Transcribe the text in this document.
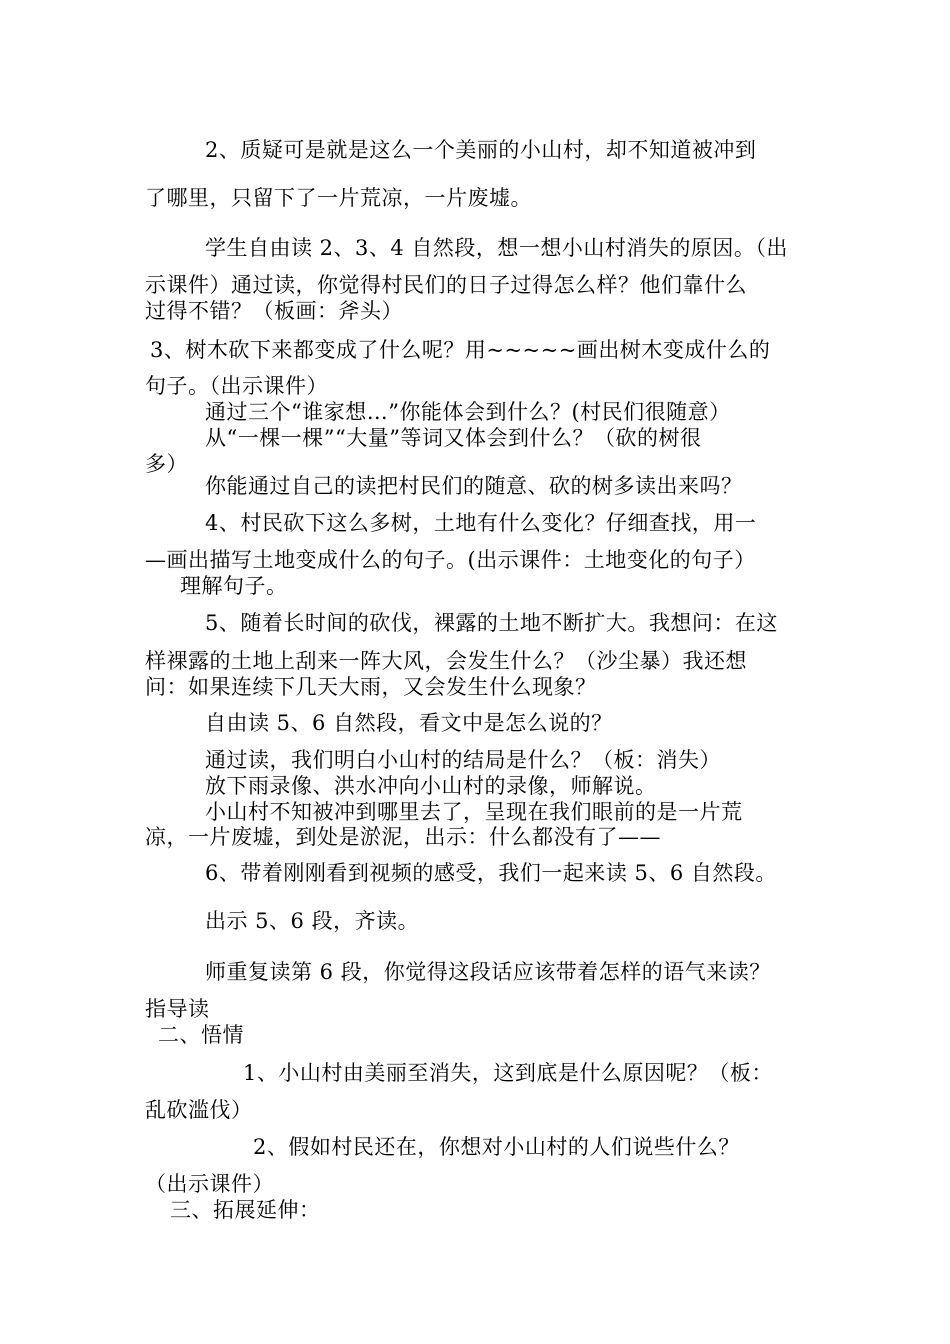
2、质疑可是就是这么一个美丽的小山村，却不知道被冲到
了哪里，只留下了一片荒凉，一片废墟。
学生自由读 2、3、4 自然段，想一想小山村消失的原因。（出
示课件）通过读，你觉得村民们的日子过得怎么样？他们靠什么
过得不错？（板画：斧头）
3、树木砍下来都变成了什么呢？用~~~~~画出树木变成什么的
句子。（出示课件）
通过三个“谁家想…”你能体会到什么？(村民们很随意）
从“一棵一棵”“大量”等词又体会到什么？（砍的树很
多）
你能通过自己的读把村民们的随意、砍的树多读出来吗？
4、村民砍下这么多树，土地有什么变化？仔细查找，用一
—画出描写土地变成什么的句子。(出示课件：土地变化的句子）
理解句子。
5、随着长时间的砍伐，裸露的土地不断扩大。我想问：在这
样裸露的土地上刮来一阵大风，会发生什么？（沙尘暴）我还想
问：如果连续下几天大雨，又会发生什么现象？
自由读 5、6 自然段，看文中是怎么说的？
通过读，我们明白小山村的结局是什么？（板：消失）
放下雨录像、洪水冲向小山村的录像，师解说。
小山村不知被冲到哪里去了，呈现在我们眼前的是一片荒
凉，一片废墟，到处是淤泥，出示：什么都没有了——
6、带着刚刚看到视频的感受，我们一起来读 5、6 自然段。
出示 5、6 段，齐读。
师重复读第 6 段，你觉得这段话应该带着怎样的语气来读？
指导读
二、悟情
1、小山村由美丽至消失，这到底是什么原因呢？（板：
乱砍滥伐）
2、假如村民还在，你想对小山村的人们说些什么？
（出示课件）
三、拓展延伸：
